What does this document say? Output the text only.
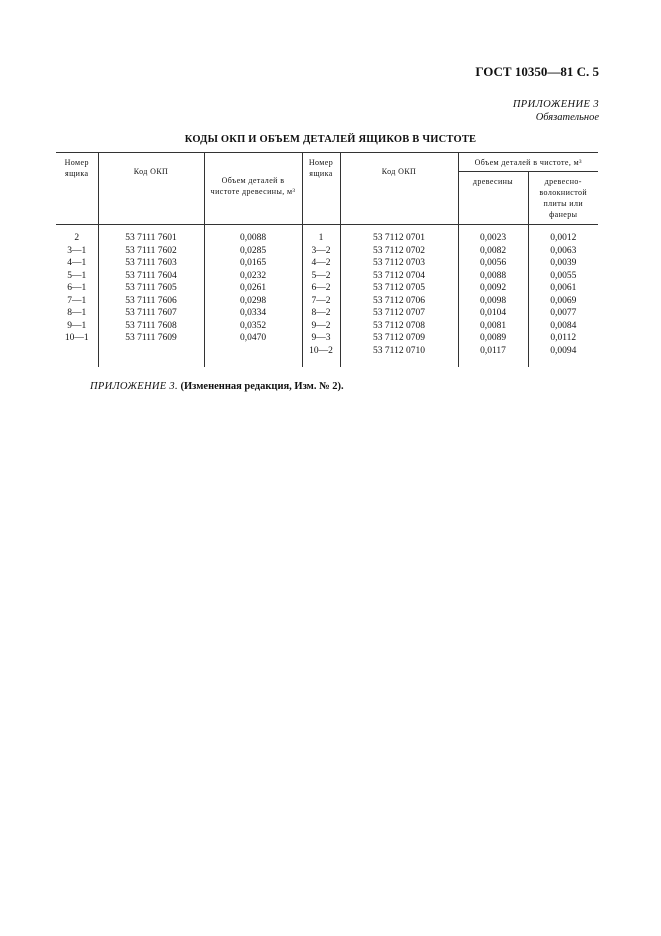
ГОСТ 10350—81 С. 5
ПРИЛОЖЕНИЕ 3
Обязательное
КОДЫ ОКП И ОБЪЕМ ДЕТАЛЕЙ ЯЩИКОВ В ЧИСТОТЕ
Номер ящика	Код ОКП	Объем деталей в чистоте древесины, м³	Номер ящика	Код ОКП	Объем деталей в чистоте, м³	
					древесины	древесно-волокнистой плиты или фанеры

2	53 7111 7601	0,0088	1	53 7112 0701	0,0023	0,0012
3—1	53 7111 7602	0,0285	3—2	53 7112 0702	0,0082	0,0063
4—1	53 7111 7603	0,0165	4—2	53 7112 0703	0,0056	0,0039
5—1	53 7111 7604	0,0232	5—2	53 7112 0704	0,0088	0,0055
6—1	53 7111 7605	0,0261	6—2	53 7112 0705	0,0092	0,0061
7—1	53 7111 7606	0,0298	7—2	53 7112 0706	0,0098	0,0069
8—1	53 7111 7607	0,0334	8—2	53 7112 0707	0,0104	0,0077
9—1	53 7111 7608	0,0352	9—2	53 7112 0708	0,0081	0,0084
10—1	53 7111 7609	0,0470	9—3	53 7112 0709	0,0089	0,0112
			10—2	53 7112 0710	0,0117	0,0094

ПРИЛОЖЕНИЕ 3. (Измененная редакция, Изм. № 2).
